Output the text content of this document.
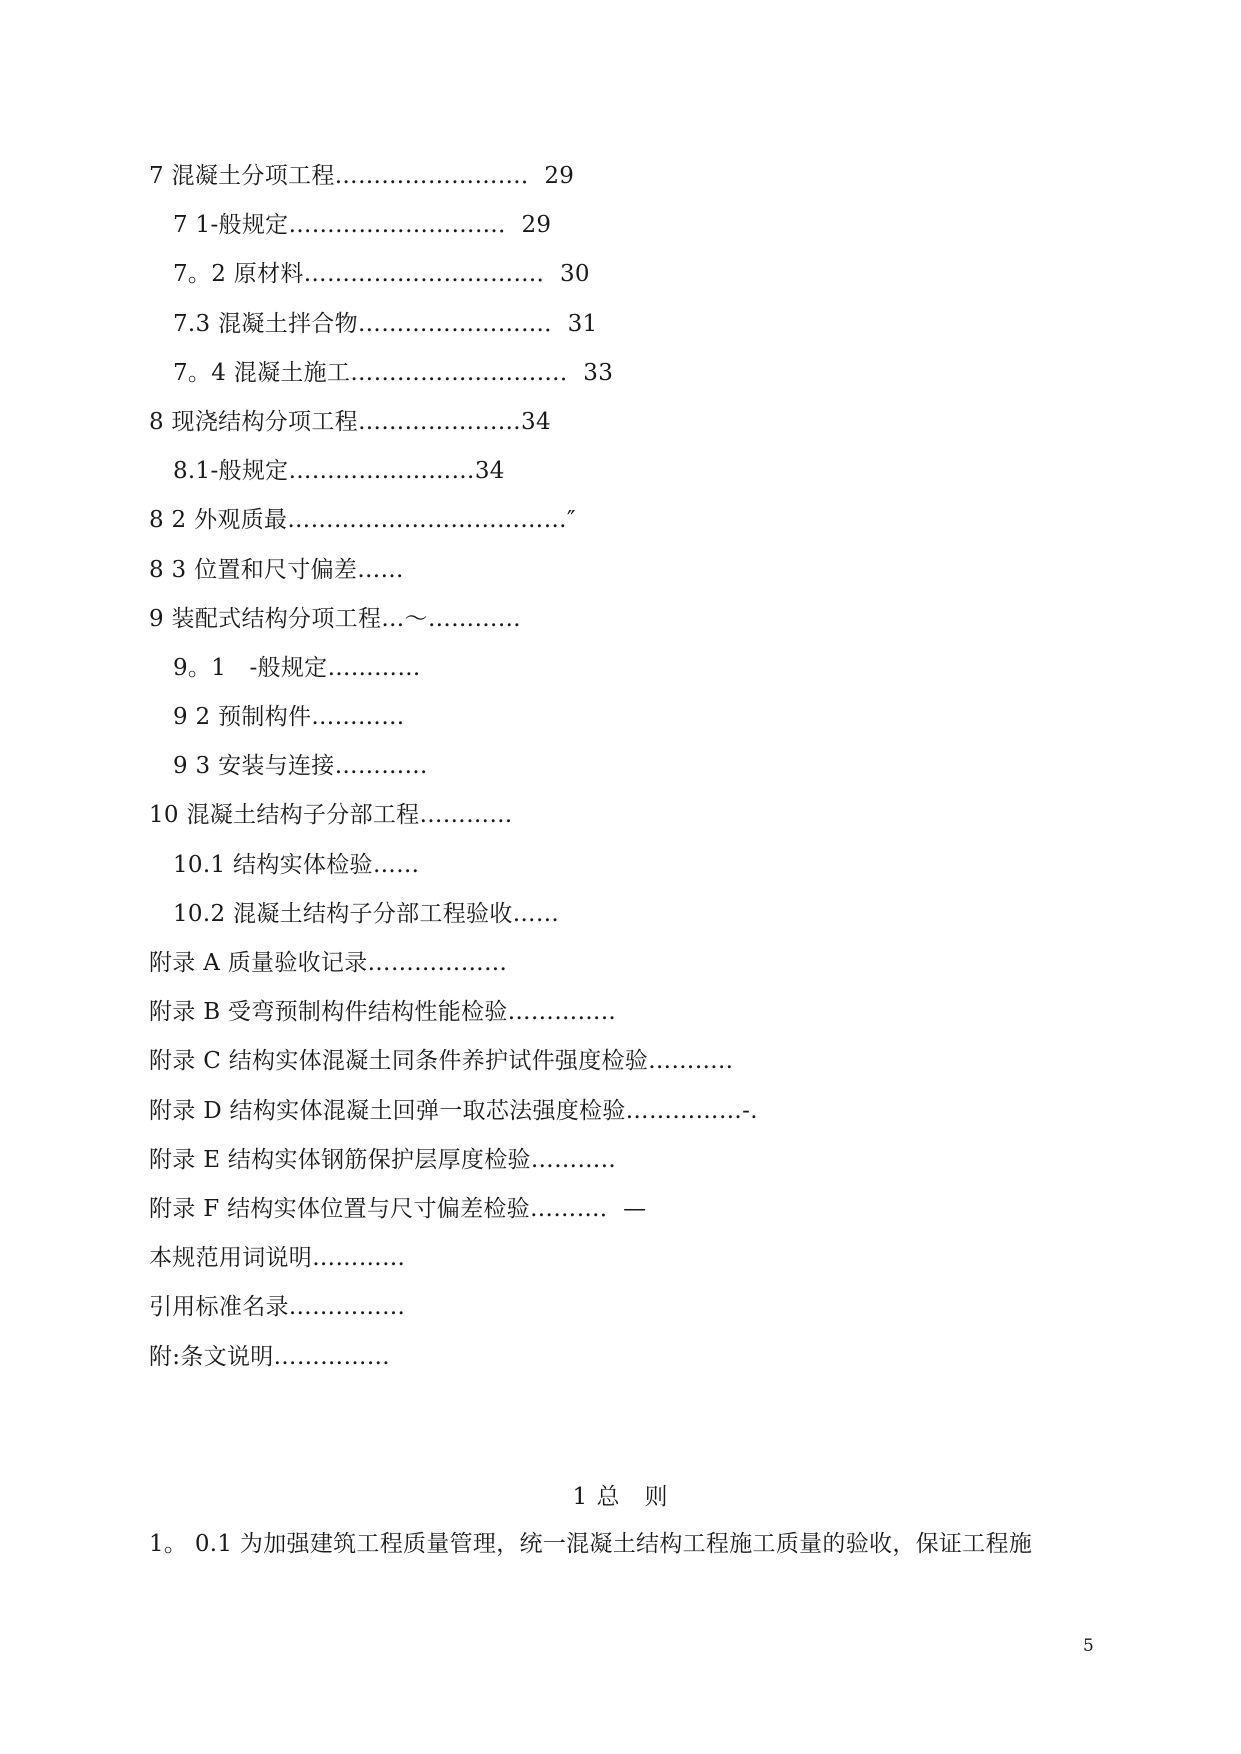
7 混凝土分项工程……………………．29
7 1-般规定………………………．29
7。2 原材料…………………………．30
7.3 混凝土拌合物……………………．31
7。4 混凝土施工………………………．33
8 现浇结构分项工程…………………34
8.1-般规定……………………34
8 2 外观质最………………………………″
8 3 位置和尺寸偏差……
9 装配式结构分项工程…～…………
9。1　-般规定…………
9 2 预制构件…………
9 3 安装与连接…………
10 混凝土结构子分部工程…………
10.1 结构实体检验……
10.2 混凝土结构子分部工程验收……
附录 A 质量验收记录………………
附录 B 受弯预制构件结构性能检验…………..
附录 C 结构实体混凝土同条件养护试件强度检验………..
附录 D 结构实体混凝土回弹一取芯法强度检验……………-.
附录 E 结构实体钢筋保护层厚度检验………..
附录 F 结构实体位置与尺寸偏差检验………．—
本规范用词说明…………
引用标准名录……………
附:条文说明……………
1 总　则
1。 0.1 为加强建筑工程质量管理，统一混凝土结构工程施工质量的验收，保证工程施
5
